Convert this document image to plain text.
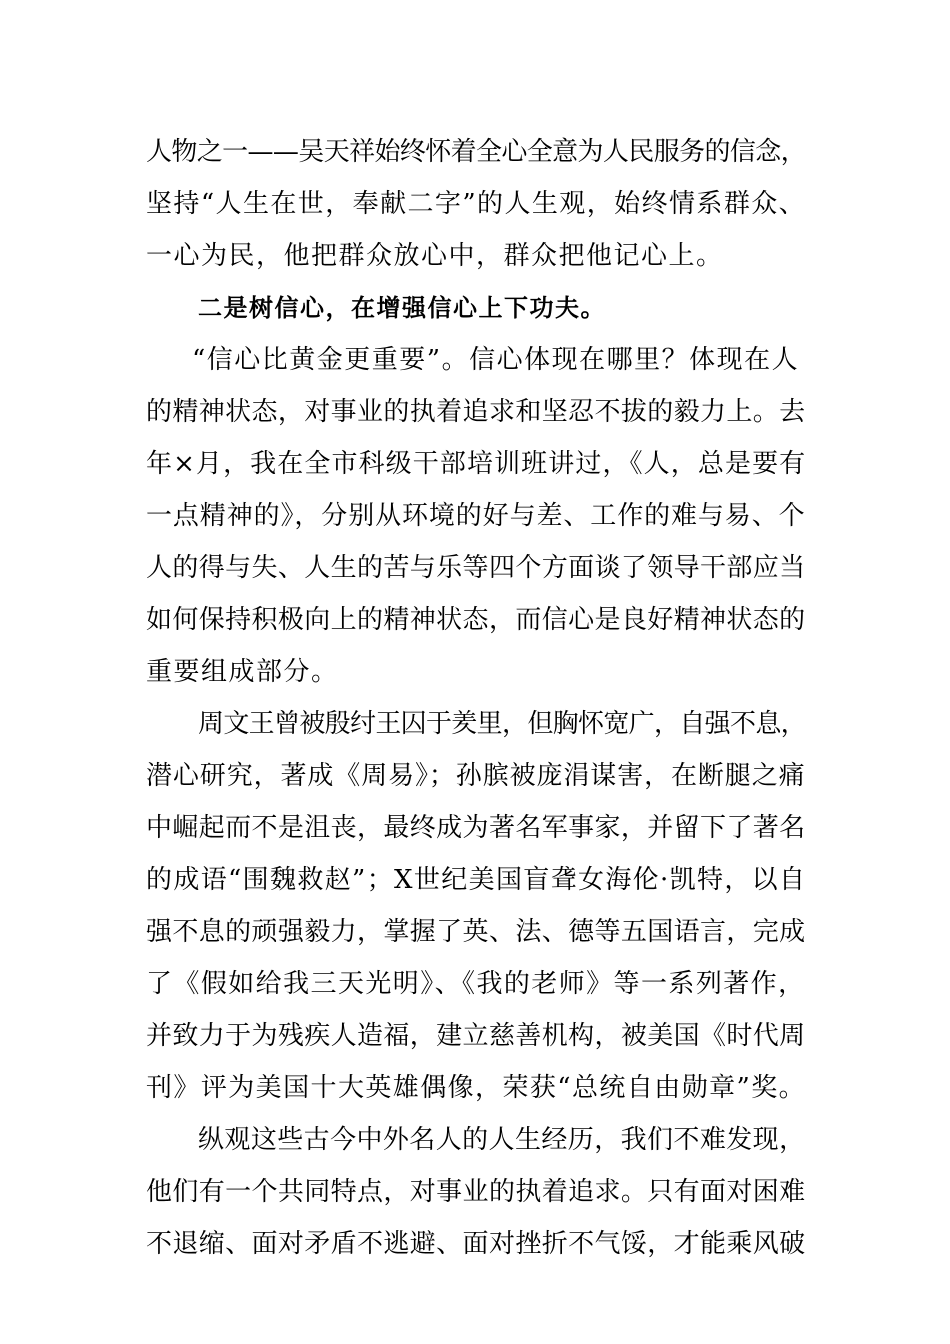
人物之一——吴天祥始终怀着全心全意为人民服务的信念，
坚持“人生在世，奉献二字”的人生观，始终情系群众、
一心为民，他把群众放心中，群众把他记心上。
二是树信心，在增强信心上下功夫。
“信心比黄金更重要”。信心体现在哪里？体现在人
的精神状态，对事业的执着追求和坚忍不拔的毅力上。去
年×月，我在全市科级干部培训班讲过，《人，总是要有
一点精神的》，分别从环境的好与差、工作的难与易、个
人的得与失、人生的苦与乐等四个方面谈了领导干部应当
如何保持积极向上的精神状态，而信心是良好精神状态的
重要组成部分。
周文王曾被殷纣王囚于羑里，但胸怀宽广，自强不息，
潜心研究，著成《周易》；孙膑被庞涓谋害，在断腿之痛
中崛起而不是沮丧，最终成为著名军事家，并留下了著名
的成语“围魏救赵”；X世纪美国盲聋女海伦·凯特，以自
强不息的顽强毅力，掌握了英、法、德等五国语言，完成
了《假如给我三天光明》、《我的老师》等一系列著作，
并致力于为残疾人造福，建立慈善机构，被美国《时代周
刊》评为美国十大英雄偶像，荣获“总统自由勋章”奖。
纵观这些古今中外名人的人生经历，我们不难发现，
他们有一个共同特点，对事业的执着追求。只有面对困难
不退缩、面对矛盾不逃避、面对挫折不气馁，才能乘风破
